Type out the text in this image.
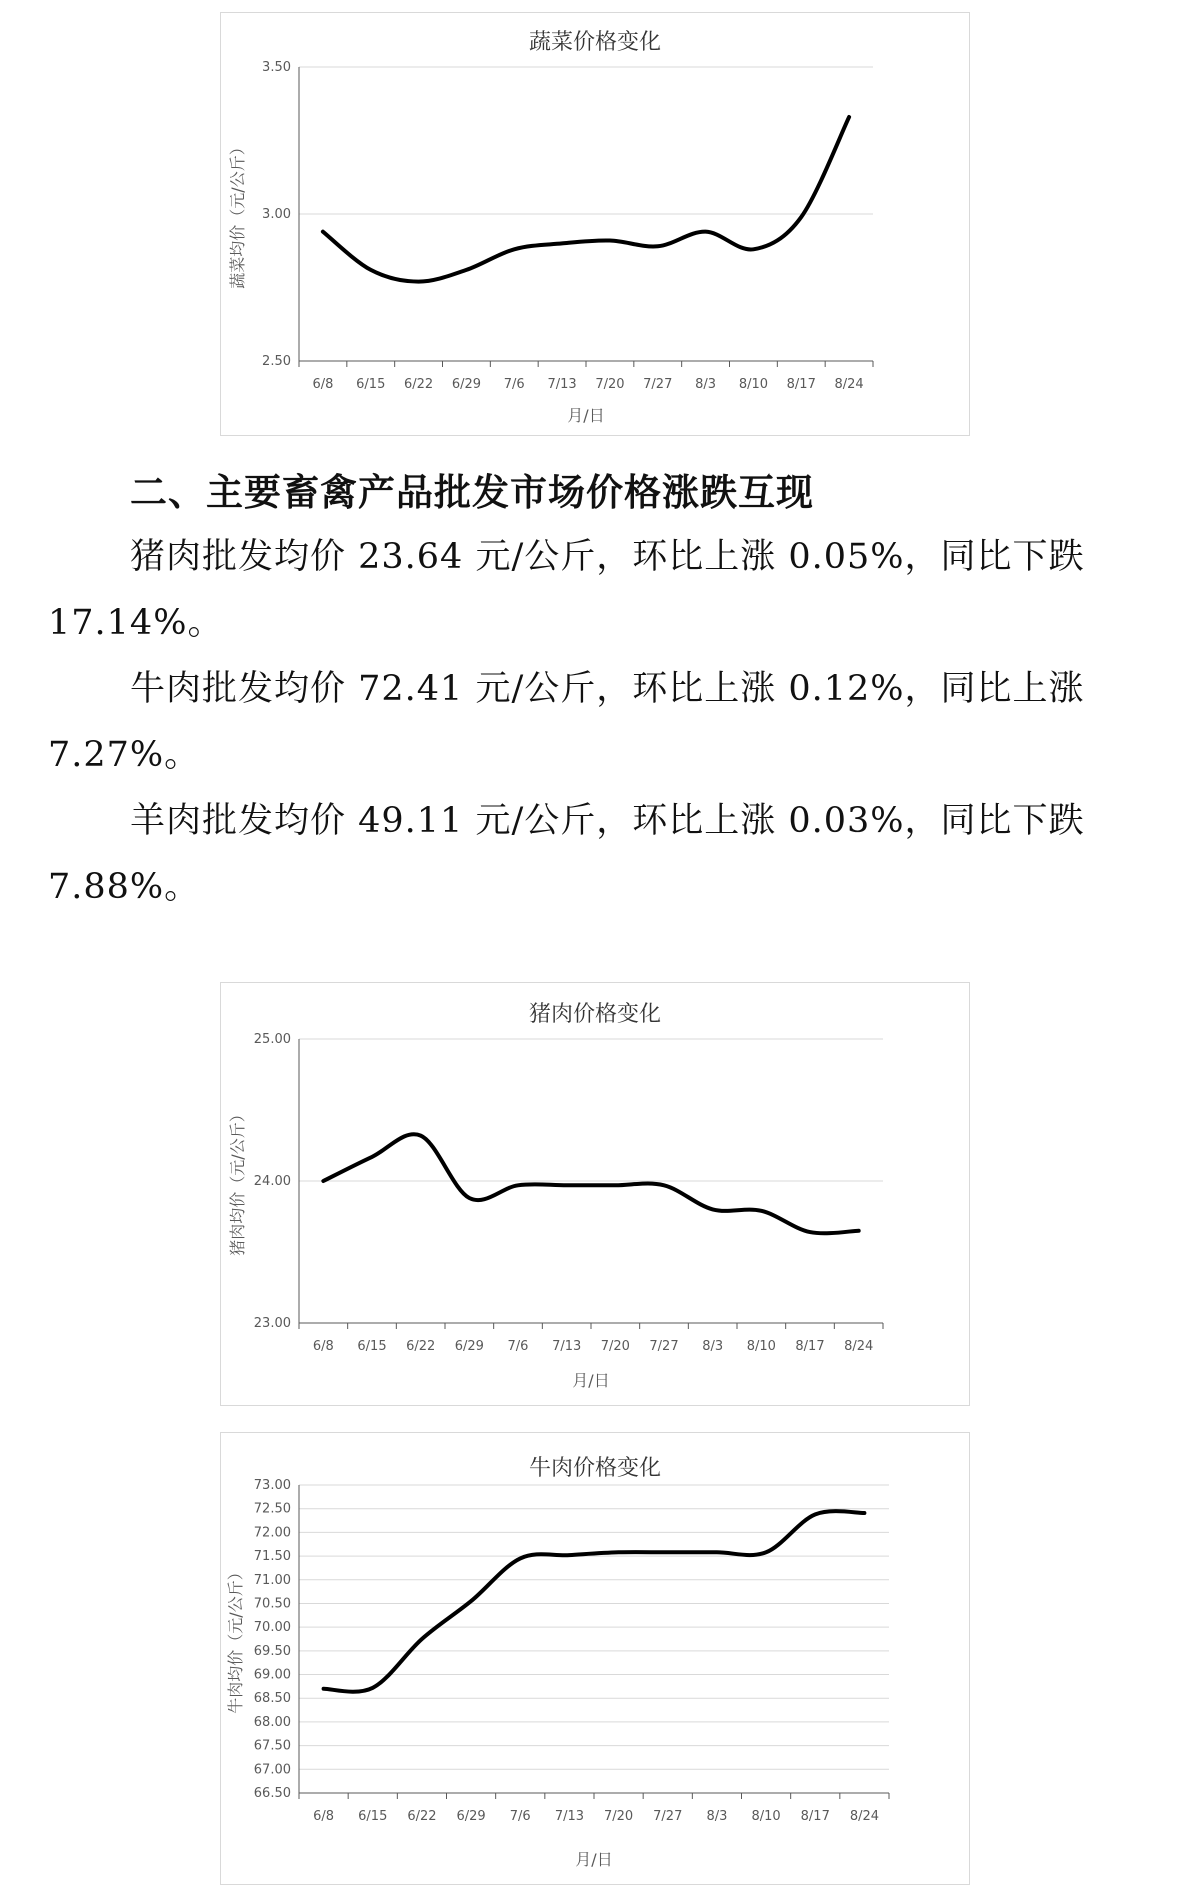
蔬菜价格变化
2.50
3.00
3.50
6/8 6/15 6/22 6/29 7/6 7/13 7/20 7/27 8/3 8/10 8/17 8/24
月/日
蔬菜均价（元/公斤）
二、主要畜禽产品批发市场价格涨跌互现

猪肉批发均价 23.64 元/公斤，环比上涨 0.05%，同比下跌 17.14%。

牛肉批发均价 72.41 元/公斤，环比上涨 0.12%，同比上涨 7.27%。

羊肉批发均价 49.11 元/公斤，环比上涨 0.03%，同比下跌 7.88%。

猪肉价格变化
23.00
24.00
25.00
6/8 6/15 6/22 6/29 7/6 7/13 7/20 7/27 8/3 8/10 8/17 8/24
月/日
猪肉均价（元/公斤）
牛肉价格变化
66.50
67.00
67.50
68.00
68.50
69.00
69.50
70.00
70.50
71.00
71.50
72.00
72.50
73.00
6/8 6/15 6/22 6/29 7/6 7/13 7/20 7/27 8/3 8/10 8/17 8/24
月/日
牛肉均价（元/公斤）
